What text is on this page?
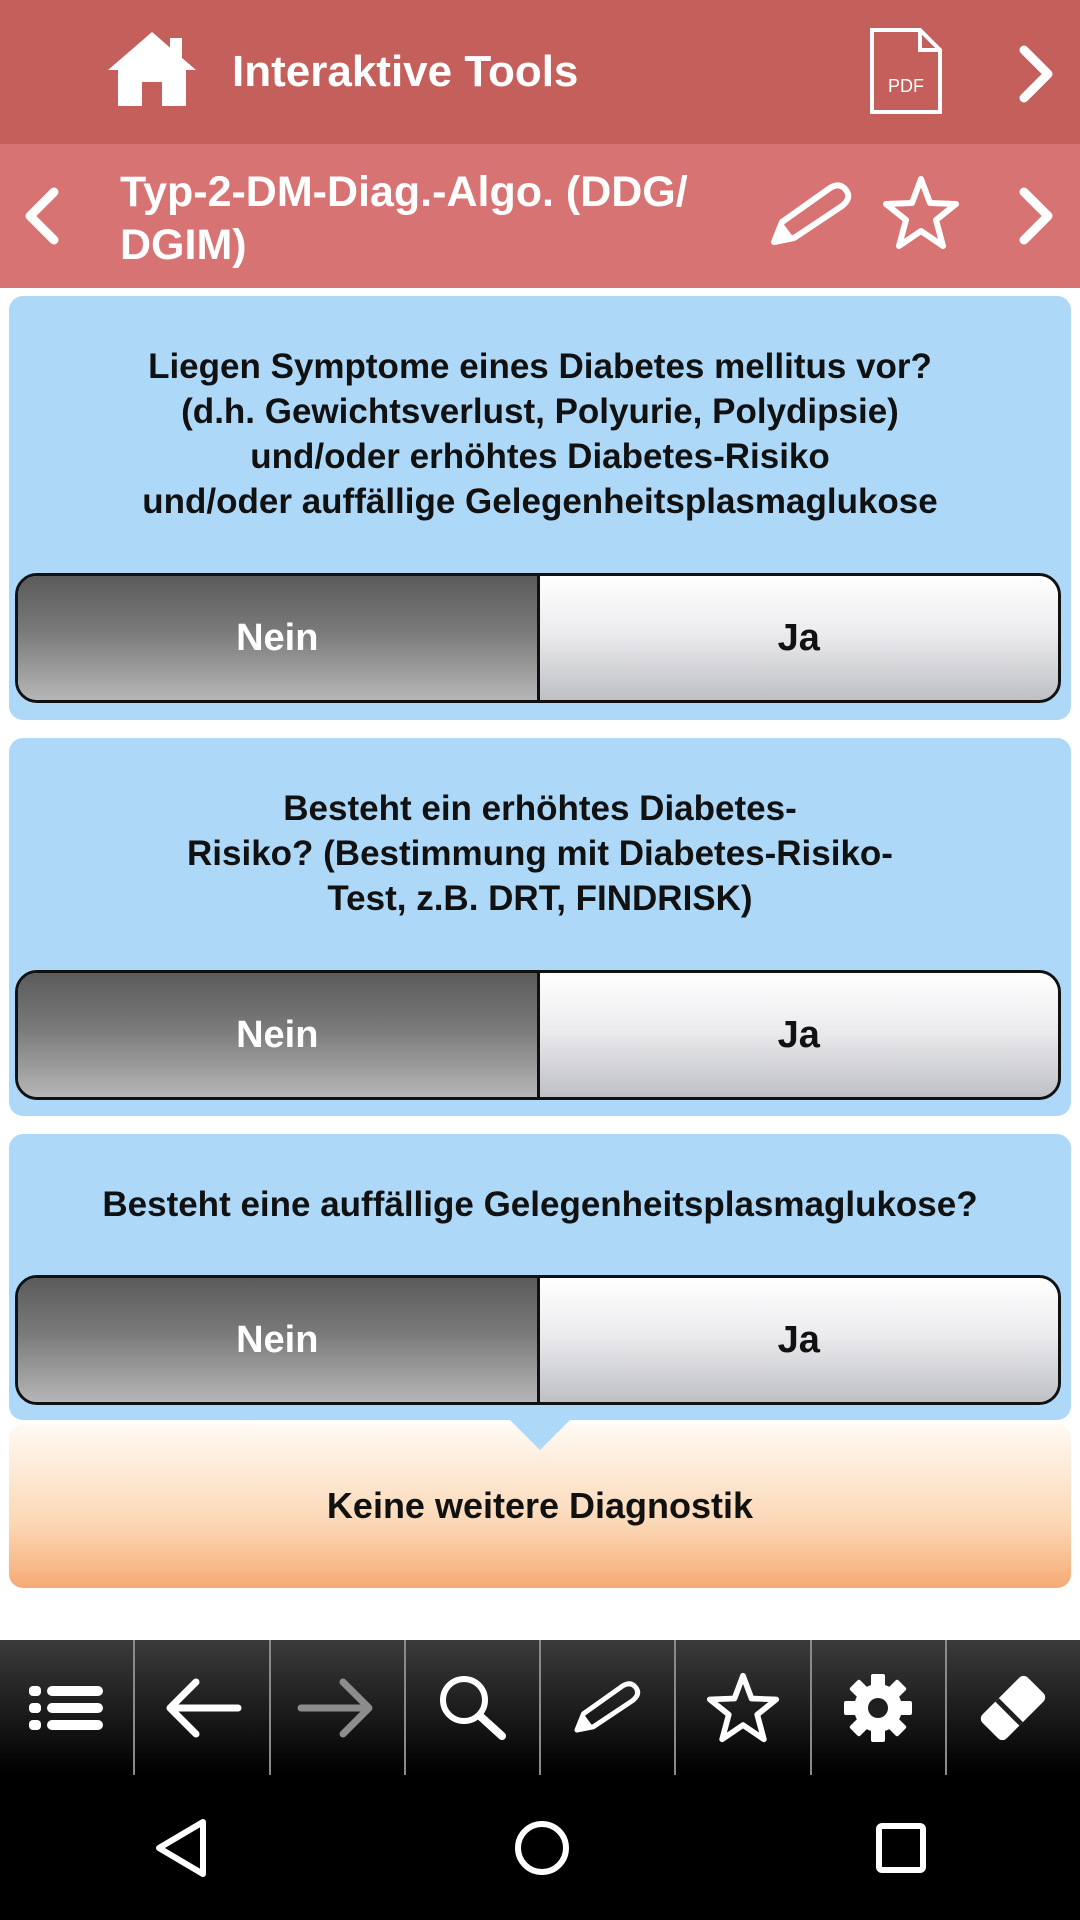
Interaktive Tools	PDF
Typ-2-DM-Diag.-Algo. (DDG/ DGIM)
Liegen Symptome eines Diabetes mellitus vor?
(d.h. Gewichtsverlust, Polyurie, Polydipsie)
und/oder erhöhtes Diabetes-Risiko
und/oder auffällige Gelegenheitsplasmaglukose
Nein	Ja
Besteht ein erhöhtes Diabetes-
Risiko? (Bestimmung mit Diabetes-Risiko-
Test, z.B. DRT, FINDRISK)
Nein	Ja
Besteht eine auffällige Gelegenheitsplasmaglukose?
Nein	Ja
Keine weitere Diagnostik
